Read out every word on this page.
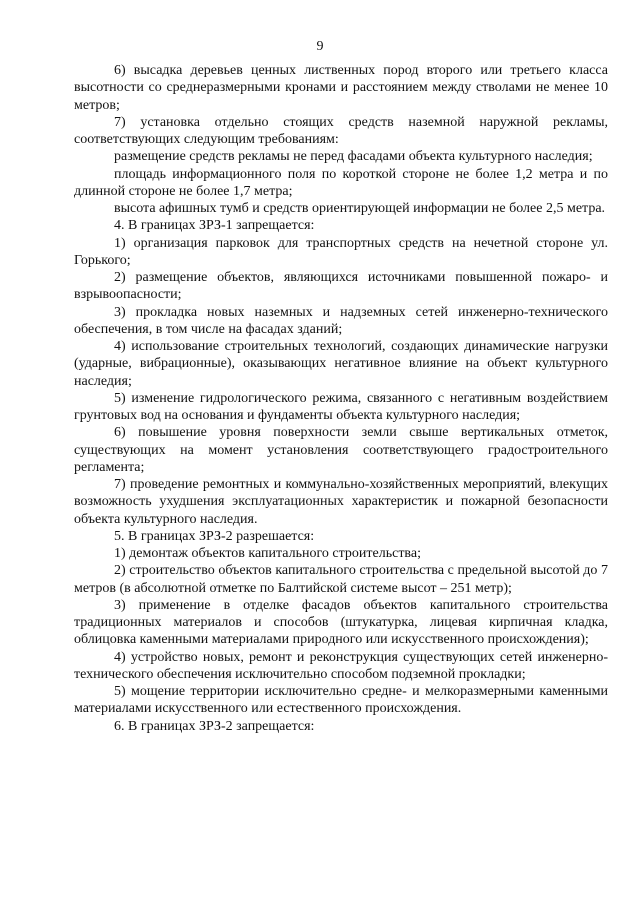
9

6) высадка деревьев ценных лиственных пород второго или третьего класса высотности со среднеразмерными кронами и расстоянием между стволами не менее 10 метров;

7) установка отдельно стоящих средств наземной наружной рекламы, соответствующих следующим требованиям:

размещение средств рекламы не перед фасадами объекта культурного наследия;

площадь информационного поля по короткой стороне не более 1,2 метра и по длинной стороне не более 1,7 метра;

высота афишных тумб и средств ориентирующей информации не более 2,5 метра.

4. В границах ЗРЗ-1 запрещается:

1) организация парковок для транспортных средств на нечетной стороне ул. Горького;

2) размещение объектов, являющихся источниками повышенной пожаро- и взрывоопасности;

3) прокладка новых наземных и надземных сетей инженерно-технического обеспечения, в том числе на фасадах зданий;

4) использование строительных технологий, создающих динамические нагрузки (ударные, вибрационные), оказывающих негативное влияние на объект культурного наследия;

5) изменение гидрологического режима, связанного с негативным воздействием грунтовых вод на основания и фундаменты объекта культурного наследия;

6) повышение уровня поверхности земли свыше вертикальных отметок, существующих на момент установления соответствующего градостроительного регламента;

7) проведение ремонтных и коммунально-хозяйственных мероприятий, влекущих возможность ухудшения эксплуатационных характеристик и пожарной безопасности объекта культурного наследия.

5. В границах ЗРЗ-2 разрешается:

1) демонтаж объектов капитального строительства;

2) строительство объектов капитального строительства с предельной высотой до 7 метров (в абсолютной отметке по Балтийской системе высот – 251 метр);

3) применение в отделке фасадов объектов капитального строительства традиционных материалов и способов (штукатурка, лицевая кирпичная кладка, облицовка каменными материалами природного или искусственного происхождения);

4) устройство новых, ремонт и реконструкция существующих сетей инженерно-технического обеспечения исключительно способом подземной прокладки;

5) мощение территории исключительно средне- и мелкоразмерными каменными материалами искусственного или естественного происхождения.

6. В границах ЗРЗ-2 запрещается:
